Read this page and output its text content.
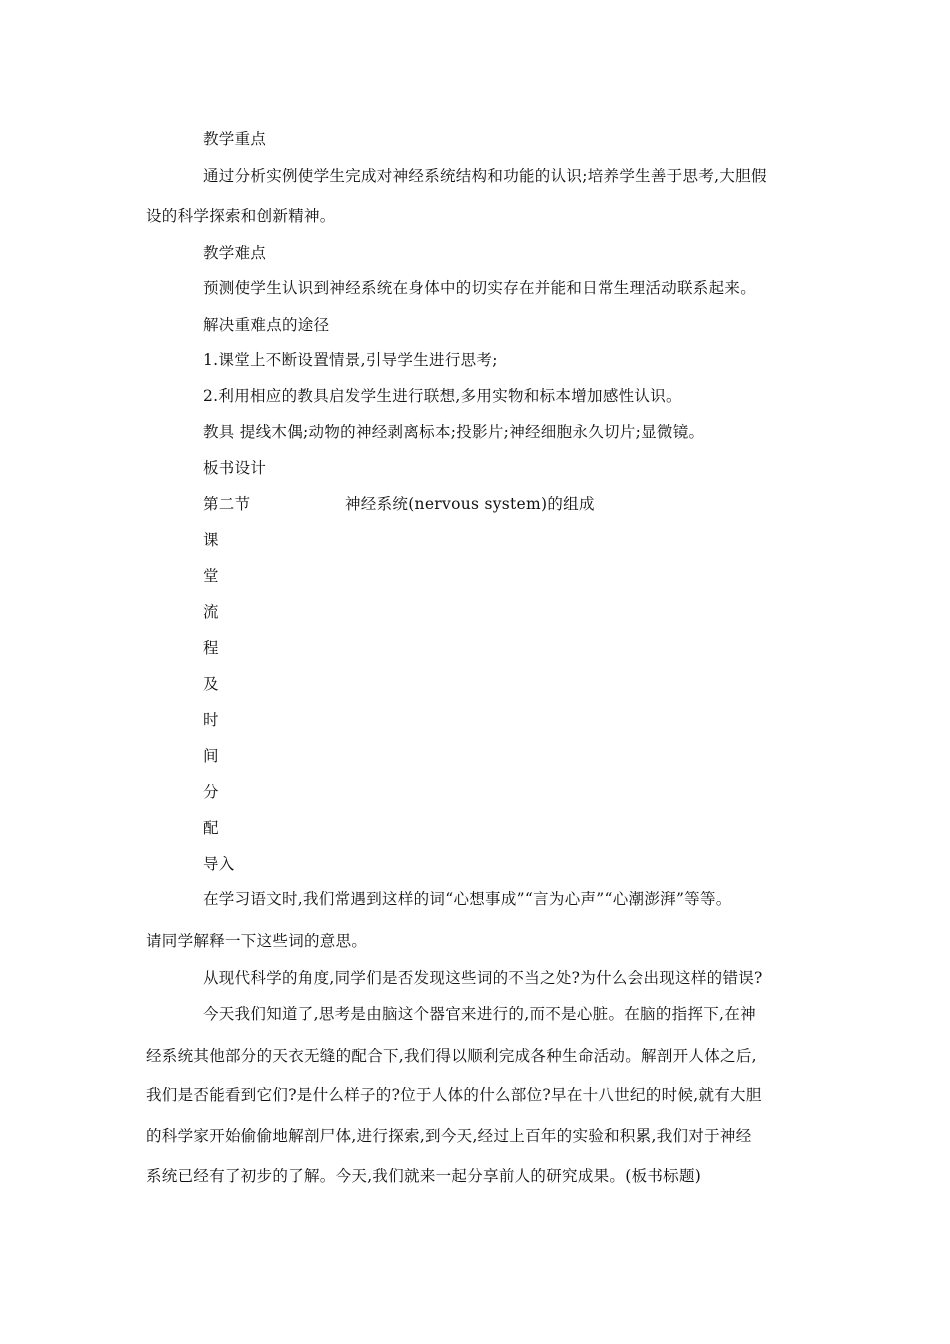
教学重点
通过分析实例使学生完成对神经系统结构和功能的认识;培养学生善于思考,大胆假
设的科学探索和创新精神。
教学难点
预测使学生认识到神经系统在身体中的切实存在并能和日常生理活动联系起来。
解决重难点的途径
1.课堂上不断设置情景,引导学生进行思考;
2.利用相应的教具启发学生进行联想,多用实物和标本增加感性认识。
教具 提线木偶;动物的神经剥离标本;投影片;神经细胞永久切片;显微镜。
板书设计
第二节	神经系统(nervous system)的组成
课
堂
流
程
及
时
间
分
配
导入
在学习语文时,我们常遇到这样的词“心想事成”“言为心声”“心潮澎湃”等等。
请同学解释一下这些词的意思。
从现代科学的角度,同学们是否发现这些词的不当之处?为什么会出现这样的错误?
今天我们知道了,思考是由脑这个器官来进行的,而不是心脏。在脑的指挥下,在神
经系统其他部分的天衣无缝的配合下,我们得以顺利完成各种生命活动。解剖开人体之后,
我们是否能看到它们?是什么样子的?位于人体的什么部位?早在十八世纪的时候,就有大胆
的科学家开始偷偷地解剖尸体,进行探索,到今天,经过上百年的实验和积累,我们对于神经
系统已经有了初步的了解。今天,我们就来一起分享前人的研究成果。(板书标题)
